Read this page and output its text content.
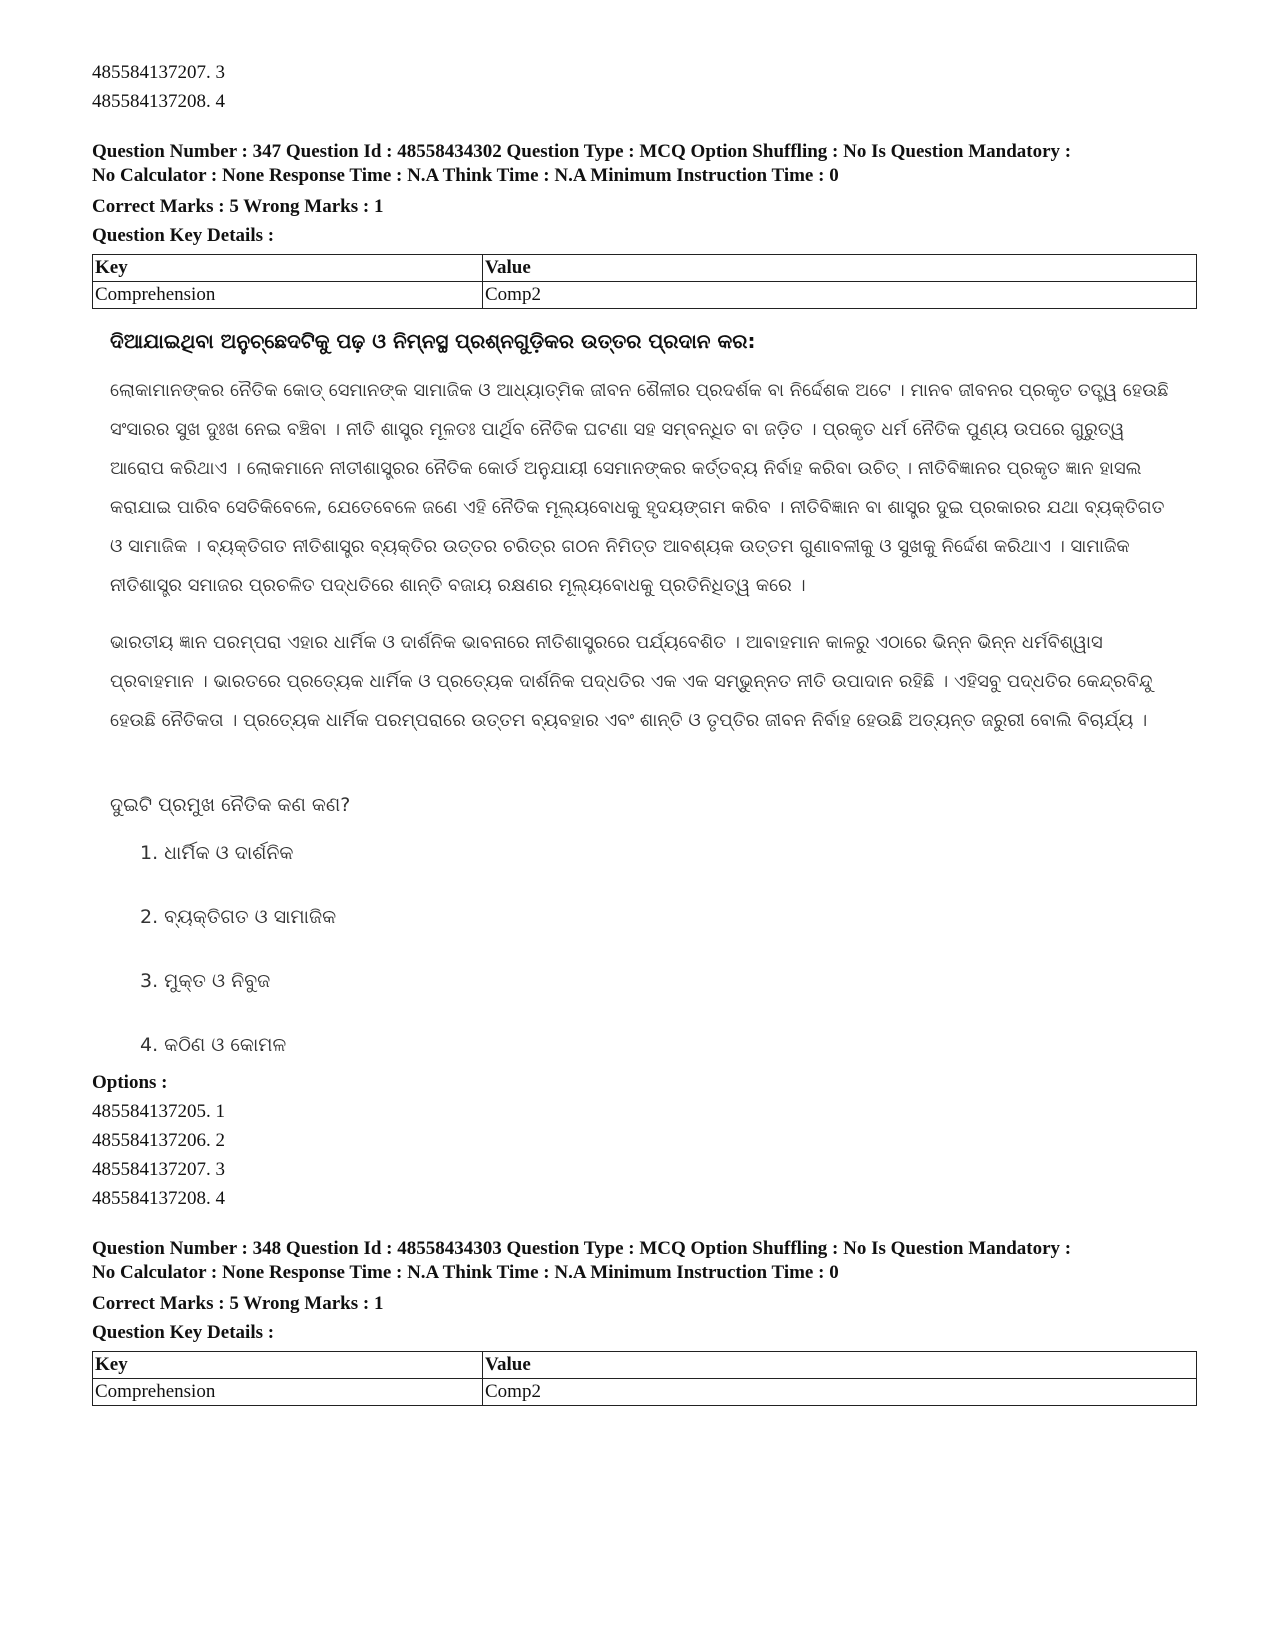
485584137207. 3
485584137208. 4
Question Number : 347 Question Id : 48558434302 Question Type : MCQ Option Shuffling : No Is Question Mandatory :
No Calculator : None Response Time : N.A Think Time : N.A Minimum Instruction Time : 0
Correct Marks : 5 Wrong Marks : 1
Question Key Details :
Key	Value
Comprehension	Comp2
ଦିଆଯାଇଥିବା ଅନୁଚ୍ଛେଦଟିକୁ ପଢ଼ ଓ ନିମ୍ନସ୍ଥ ପ୍ରଶ୍ନଗୁଡ଼ିକର ଉତ୍ତର ପ୍ରଦାନ କର:
ଲୋକାମାନଙ୍କର ନୈତିକ କୋଡ୍ ସେମାନଙ୍କ ସାମାଜିକ ଓ ଆଧ୍ୟାତ୍ମିକ ଜୀବନ ଶୈଳୀର ପ୍ରଦର୍ଶକ ବା ନିର୍ଦ୍ଦେଶକ ଅଟେ । ମାନବ ଜୀବନର ପ୍ରକୃତ ତତ୍ତ୍ୱ ହେଉଛି ସଂସାରର ସୁଖ ଦୁଃଖ ନେଇ ବଞ୍ଚିବା । ନୀତି ଶାସ୍ତ୍ର ମୂଳତଃ ପାର୍ଥିବ ନୈତିକ ଘଟଣା ସହ ସମ୍ବନ୍ଧିତ ବା ଜଡ଼ିତ । ପ୍ରକୃତ ଧର୍ମ ନୈତିକ ପୁଣ୍ୟ ଉପରେ ଗୁରୁତ୍ୱ ଆରୋପ କରିଥାଏ । ଲୋକମାନେ ନୀତୀଶାସ୍ତ୍ରର ନୈତିକ କୋର୍ଡ ଅନୁଯାୟୀ ସେମାନଙ୍କର କର୍ତ୍ତବ୍ୟ ନିର୍ବାହ କରିବା ଉଚିତ୍ । ନୀତିବିଜ୍ଞାନର ପ୍ରକୃତ ଜ୍ଞାନ ହାସଲ କରାଯାଇ ପାରିବ ସେତିକିବେଳେ, ଯେତେବେଳେ ଜଣେ ଏହି ନୈତିକ ମୂଲ୍ୟବୋଧକୁ ହୃଦୟଙ୍ଗମ କରିବ । ନୀତିବିଜ୍ଞାନ ବା ଶାସ୍ତ୍ର ଦୁଇ ପ୍ରକାରର ଯଥା ବ୍ୟକ୍ତିଗତ ଓ ସାମାଜିକ । ବ୍ୟକ୍ତିଗତ ନୀତିଶାସ୍ତ୍ର ବ୍ୟକ୍ତିର ଉତ୍ତର ଚରିତ୍ର ଗଠନ ନିମିତ୍ତ ଆବଶ୍ୟକ ଉତ୍ତମ ଗୁଣାବଳୀକୁ ଓ ସୁଖକୁ ନିର୍ଦ୍ଦେଶ କରିଥାଏ । ସାମାଜିକ ନୀତିଶାସ୍ତ୍ର ସମାଜର ପ୍ରଚଳିତ ପଦ୍ଧତିରେ ଶାନ୍ତି ବଜାୟ ରକ୍ଷଣର ମୂଲ୍ୟବୋଧକୁ ପ୍ରତିନିଧିତ୍ୱ କରେ ।
ଭାରତୀୟ ଜ୍ଞାନ ପରମ୍ପରା ଏହାର ଧାର୍ମିକ ଓ ଦାର୍ଶନିକ ଭାବନାରେ ନୀତିଶାସ୍ତ୍ରରେ ପର୍ଯ୍ୟବେଶିତ । ଆବାହମାନ କାଳରୁ ଏଠାରେ ଭିନ୍ନ ଭିନ୍ନ ଧର୍ମବିଶ୍ୱାସ ପ୍ରବାହମାନ । ଭାରତରେ ପ୍ରତ୍ୟେକ ଧାର୍ମିକ ଓ ପ୍ରତ୍ୟେକ ଦାର୍ଶନିକ ପଦ୍ଧତିର ଏକ ଏକ ସମ୍ଭୁନ୍ନତ ନୀତି ଉପାଦାନ ରହିଛି । ଏହିସବୁ ପଦ୍ଧତିର କେନ୍ଦ୍ରବିନ୍ଦୁ ହେଉଛି ନୈତିକତା । ପ୍ରତ୍ୟେକ ଧାର୍ମିକ ପରମ୍ପରାରେ ଉତ୍ତମ ବ୍ୟବହାର ଏବଂ ଶାନ୍ତି ଓ ତୃପ୍ତିର ଜୀବନ ନିର୍ବାହ ହେଉଛି ଅତ୍ୟନ୍ତ ଜରୁରୀ ବୋଲି ବିଚାର୍ଯ୍ୟ ।
ଦୁଇଟି ପ୍ରମୁଖ ନୈତିକ କଣ କଣ?
1. ଧାର୍ମିକ ଓ ଦାର୍ଶନିକ
2. ବ୍ୟକ୍ତିଗତ ଓ ସାମାଜିକ
3. ମୁକ୍ତ ଓ ନିବୁଜ
4. କଠିଣ ଓ କୋମଳ
Options :
485584137205. 1
485584137206. 2
485584137207. 3
485584137208. 4
Question Number : 348 Question Id : 48558434303 Question Type : MCQ Option Shuffling : No Is Question Mandatory :
No Calculator : None Response Time : N.A Think Time : N.A Minimum Instruction Time : 0
Correct Marks : 5 Wrong Marks : 1
Question Key Details :
Key	Value
Comprehension	Comp2
